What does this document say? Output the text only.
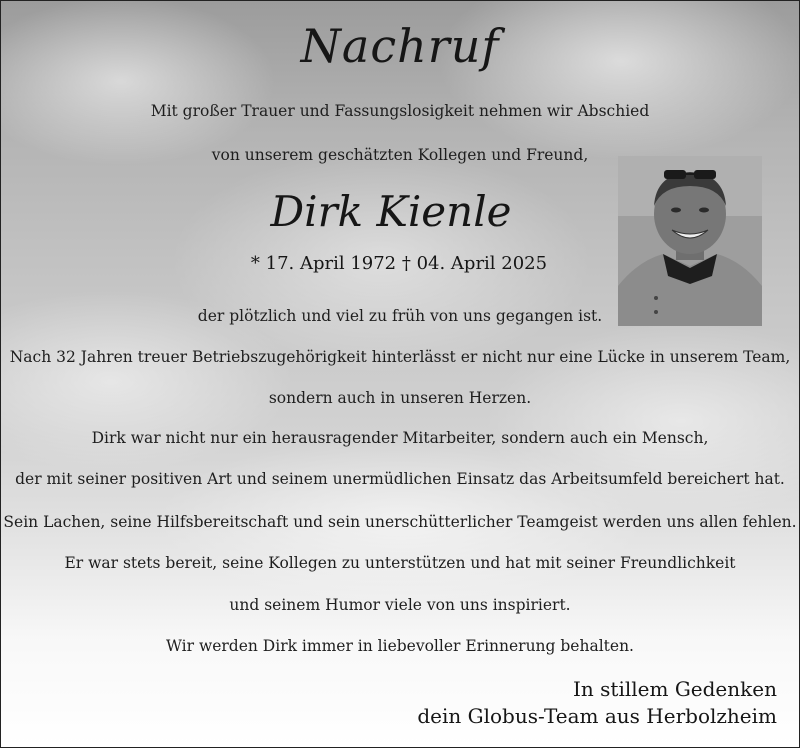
Nachruf
Mit großer Trauer und Fassungslosigkeit nehmen wir Abschied
von unserem geschätzten Kollegen und Freund,
Dirk Kienle
* 17. April 1972 † 04. April 2025
der plötzlich und viel zu früh von uns gegangen ist.
Nach 32 Jahren treuer Betriebszugehörigkeit hinterlässt er nicht nur eine Lücke in unserem Team,
sondern auch in unseren Herzen.
Dirk war nicht nur ein herausragender Mitarbeiter, sondern auch ein Mensch,
der mit seiner positiven Art und seinem unermüdlichen Einsatz das Arbeitsumfeld bereichert hat.
Sein Lachen, seine Hilfsbereitschaft und sein unerschütterlicher Teamgeist werden uns allen fehlen.
Er war stets bereit, seine Kollegen zu unterstützen und hat mit seiner Freundlichkeit
und seinem Humor viele von uns inspiriert.
Wir werden Dirk immer in liebevoller Erinnerung behalten.
In stillem Gedenken
dein Globus-Team aus Herbolzheim
